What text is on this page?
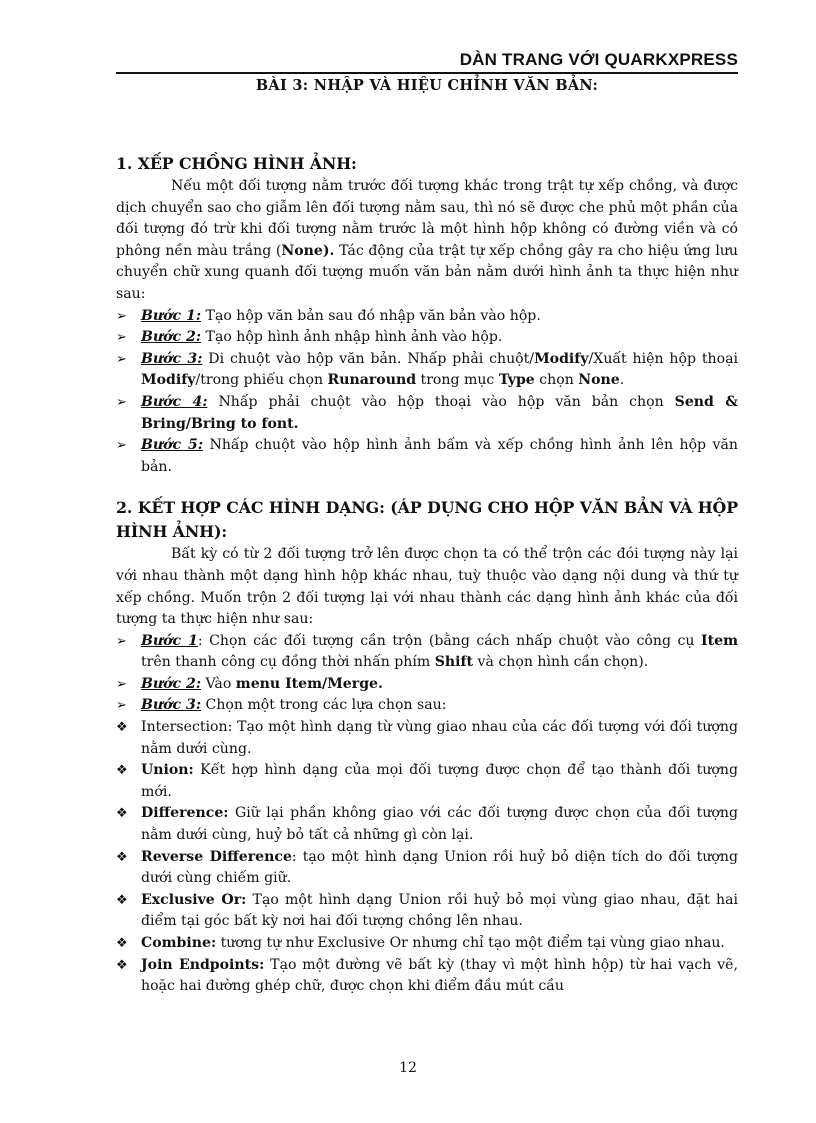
DÀN TRANG VỚI QUARKXPRESS
BÀI 3: NHẬP VÀ HIỆU CHỈNH VĂN BẢN:
1. XẾP CHỒNG HÌNH ẢNH:

Nếu một đối tượng nằm trước đối tượng khác trong trật tự xếp chồng, và được dịch chuyển sao cho giẫm lên đối tượng nằm sau, thì nó sẽ được che phủ một phần của đối tượng đó trừ khi đối tượng nằm trước là một hình hộp không có đường viền và có phông nền màu trắng (None). Tác động của trật tự xếp chồng gây ra cho hiệu ứng lưu chuyển chữ xung quanh đối tượng muốn văn bản nằm dưới hình ảnh ta thực hiện như sau:

➢ Bước 1: Tạo hộp văn bản sau đó nhập văn bản vào hộp.
➢ Bước 2: Tạo hộp hình ảnh nhập hình ảnh vào hộp.
➢ Bước 3: Di chuột vào hộp văn bản. Nhấp phải chuột/Modify/Xuất hiện hộp thoại Modify/trong phiếu chọn Runaround trong mục Type chọn None.
➢ Bước 4: Nhấp phải chuột vào hộp thoại vào hộp văn bản chọn Send & Bring/Bring to font.
➢ Bước 5: Nhấp chuột vào hộp hình ảnh bấm và xếp chồng hình ảnh lên hộp văn bản.
2. KẾT HỢP CÁC HÌNH DẠNG: (ÁP DỤNG CHO HỘP VĂN BẢN VÀ HỘP HÌNH ẢNH):

Bất kỳ có từ 2 đối tượng trở lên được chọn ta có thể trộn các đói tượng này lại với nhau thành một dạng hình hộp khác nhau, tuỳ thuộc vào dạng nội dung và thứ tự xếp chồng. Muốn trộn 2 đối tượng lại với nhau thành các dạng hình ảnh khác của đối tượng ta thực hiện như sau:

➢ Bước 1: Chọn các đối tượng cần trộn (bằng cách nhấp chuột vào công cụ Item trên thanh công cụ đồng thời nhấn phím Shift và chọn hình cần chọn).
➢ Bước 2: Vào menu Item/Merge.
➢ Bước 3: Chọn một trong các lựa chọn sau:
❖ Intersection: Tạo một hình dạng từ vùng giao nhau của các đối tượng với đối tượng nằm dưới cùng.
❖ Union: Kết hợp hình dạng của mọi đối tượng được chọn để tạo thành đối tượng mới.
❖ Difference: Giữ lại phần không giao với các đối tượng được chọn của đối tượng nằm dưới cùng, huỷ bỏ tất cả những gì còn lại.
❖ Reverse Difference: tạo một hình dạng Union rồi huỷ bỏ diện tích do đối tượng dưới cùng chiếm giữ.
❖ Exclusive Or: Tạo một hình dạng Union rồi huỷ bỏ mọi vùng giao nhau, đặt hai điểm tại góc bất kỳ nơi hai đối tượng chồng lên nhau.
❖ Combine: tương tự như Exclusive Or nhưng chỉ tạo một điểm tại vùng giao nhau.
❖ Join Endpoints: Tạo một đường vẽ bất kỳ (thay vì một hình hộp) từ hai vạch vẽ, hoặc hai đường ghép chữ, được chọn khi điểm đầu mút cầu
12
